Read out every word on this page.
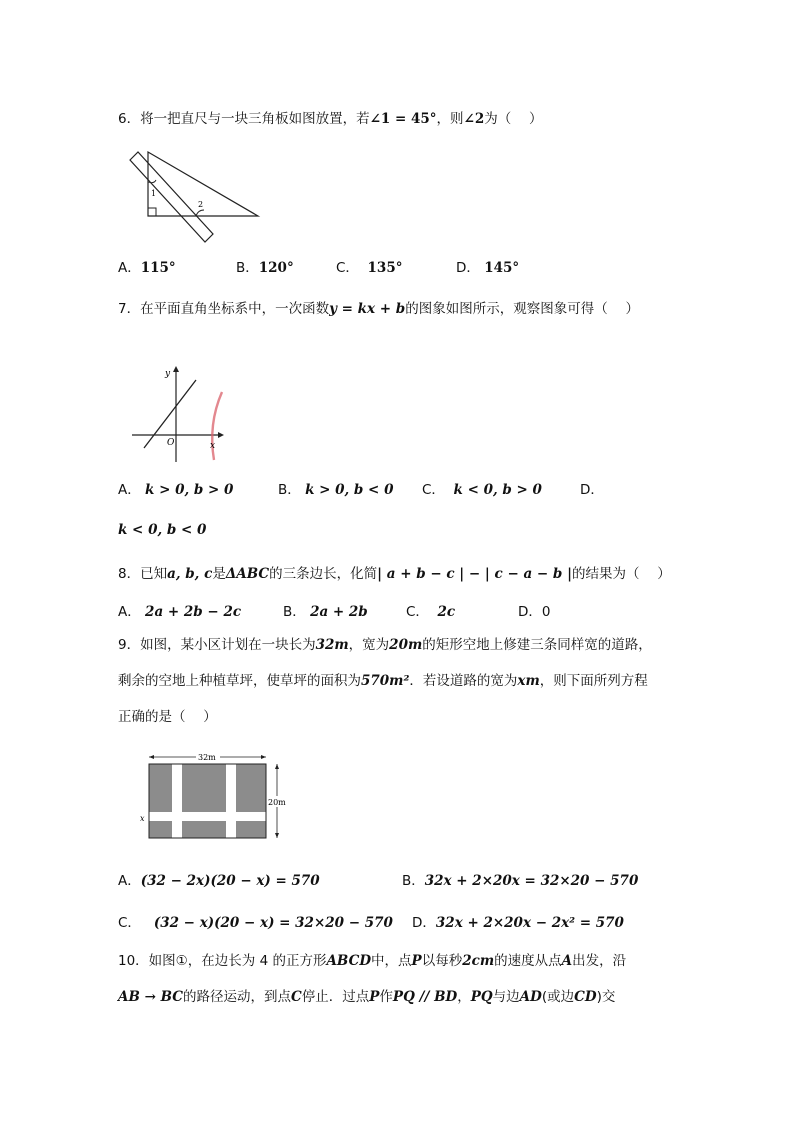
6．将一把直尺与一块三角板如图放置，若∠1 = 45°，则∠2为（　 ）
1
2
A．115°	B．120°	C． 135°	D． 145°
7．在平面直角坐标系中，一次函数y = kx + b的图象如图所示，观察图象可得（　 ）
y
x
O
A． k > 0, b > 0	B． k > 0, b < 0 C． k < 0, b > 0	D．
k < 0, b < 0
8．已知a, b, c是ΔABC的三条边长，化简| a + b − c | − | c − a − b |的结果为（　 ）
A． 2a + 2b − 2c	B． 2a + 2b	C． 2c	D．0
9．如图，某小区计划在一块长为32m，宽为20m的矩形空地上修建三条同样宽的道路，
剩余的空地上种植草坪，使草坪的面积为570m²．若设道路的宽为xm，则下面所列方程
正确的是（　 ）
32m
20m
x
A．(32 − 2x)(20 − x) = 570	B．32x + 2×20x = 32×20 − 570
C． (32 − x)(20 − x) = 32×20 − 570 D．32x + 2×20x − 2x² = 570
10．如图①，在边长为 4 的正方形ABCD中，点P以每秒2cm的速度从点A出发，沿
AB → BC的路径运动，到点C停止．过点P作PQ // BD，PQ与边AD(或边CD)交
